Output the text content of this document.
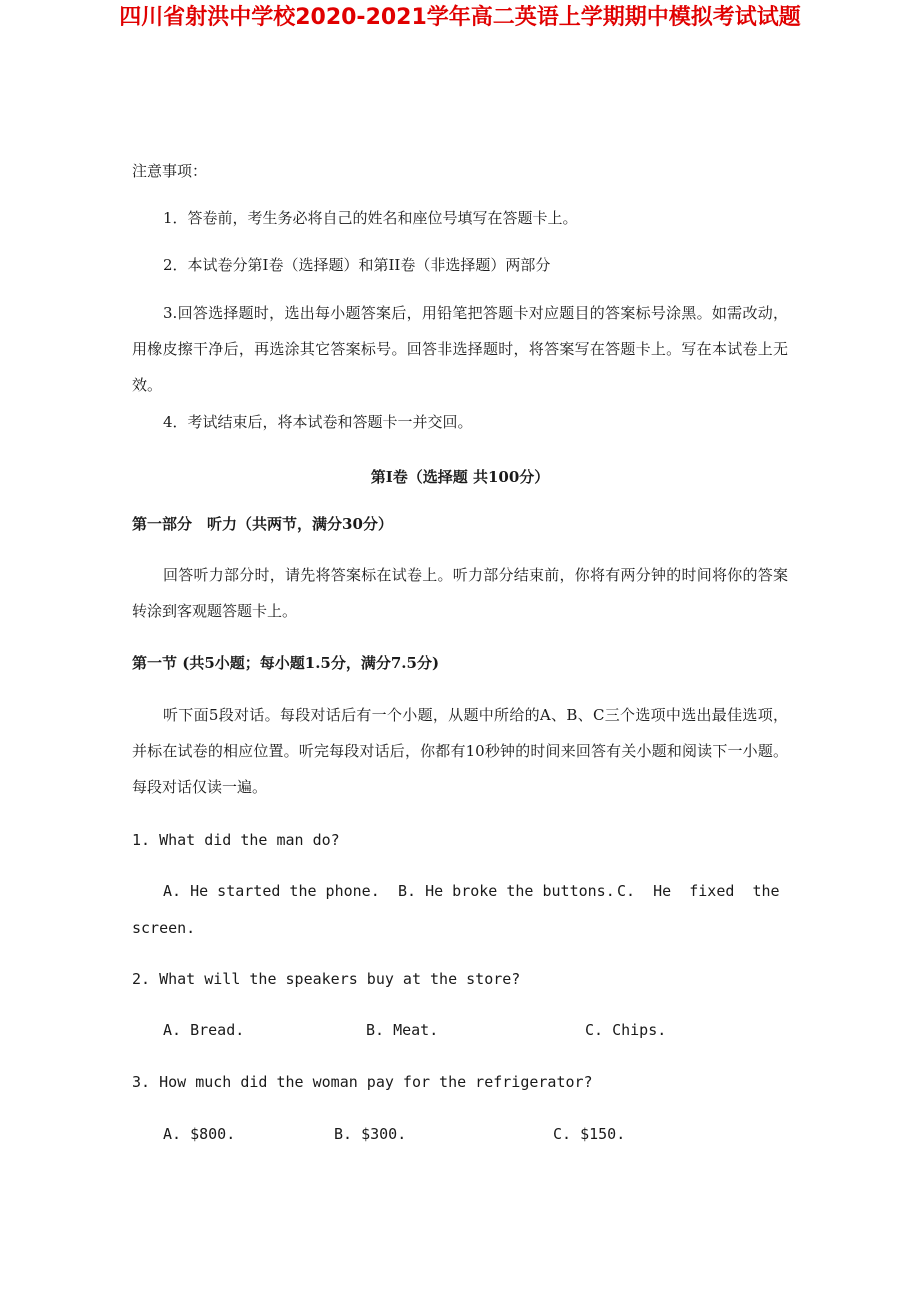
四川省射洪中学校2020-2021学年高二英语上学期期中模拟考试试题
注意事项：
1．答卷前，考生务必将自己的姓名和座位号填写在答题卡上。
2．本试卷分第Ⅰ卷（选择题）和第II卷（非选择题）两部分
3.回答选择题时，选出每小题答案后，用铅笔把答题卡对应题目的答案标号涂黑。如需改动，用橡皮擦干净后，再选涂其它答案标号。回答非选择题时，将答案写在答题卡上。写在本试卷上无效。
4．考试结束后，将本试卷和答题卡一并交回。
第Ⅰ卷（选择题 共100分）
第一部分　听力（共两节，满分30分）
回答听力部分时，请先将答案标在试卷上。听力部分结束前，你将有两分钟的时间将你的答案转涂到客观题答题卡上。
第一节 (共5小题；每小题1.5分，满分7.5分)
听下面5段对话。每段对话后有一个小题，从题中所给的A、B、C三个选项中选出最佳选项，并标在试卷的相应位置。听完每段对话后，你都有10秒钟的时间来回答有关小题和阅读下一小题。每段对话仅读一遍。
1. What did the man do?
A. He started the phone. B. He broke the buttons. C.  He  fixed  the
screen.
2. What will the speakers buy at the store?
A. Bread.	B. Meat.	C. Chips.
3. How much did the woman pay for the refrigerator?
A. $800.	B. $300.	C. $150.
